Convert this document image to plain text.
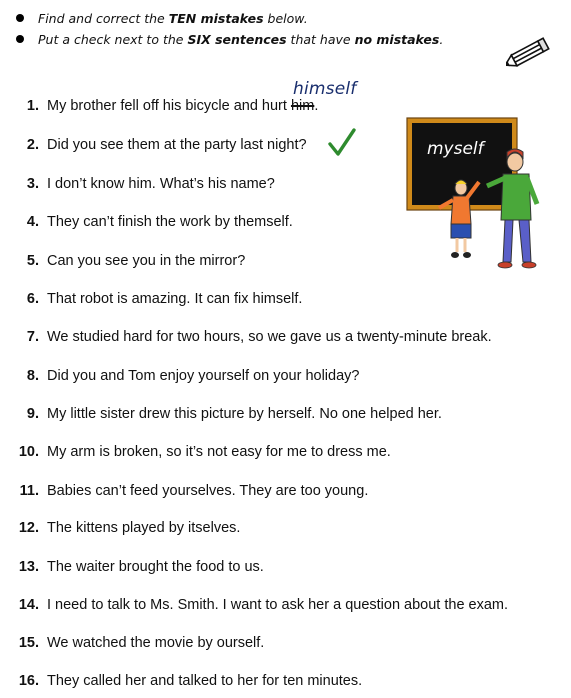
Find and correct the TEN mistakes below.
Put a check next to the SIX sentences that have no mistakes.
himself
myself
1. My brother fell off his bicycle and hurt him.
2. Did you see them at the party last night?
3. I don’t know him. What’s his name?
4. They can’t finish the work by themself.
5. Can you see you in the mirror?
6. That robot is amazing. It can fix himself.
7. We studied hard for two hours, so we gave us a twenty-minute break.
8. Did you and Tom enjoy yourself on your holiday?
9. My little sister drew this picture by herself. No one helped her.
10. My arm is broken, so it’s not easy for me to dress me.
11. Babies can’t feed yourselves. They are too young.
12. The kittens played by itselves.
13. The waiter brought the food to us.
14. I need to talk to Ms. Smith. I want to ask her a question about the exam.
15. We watched the movie by ourself.
16. They called her and talked to her for ten minutes.
